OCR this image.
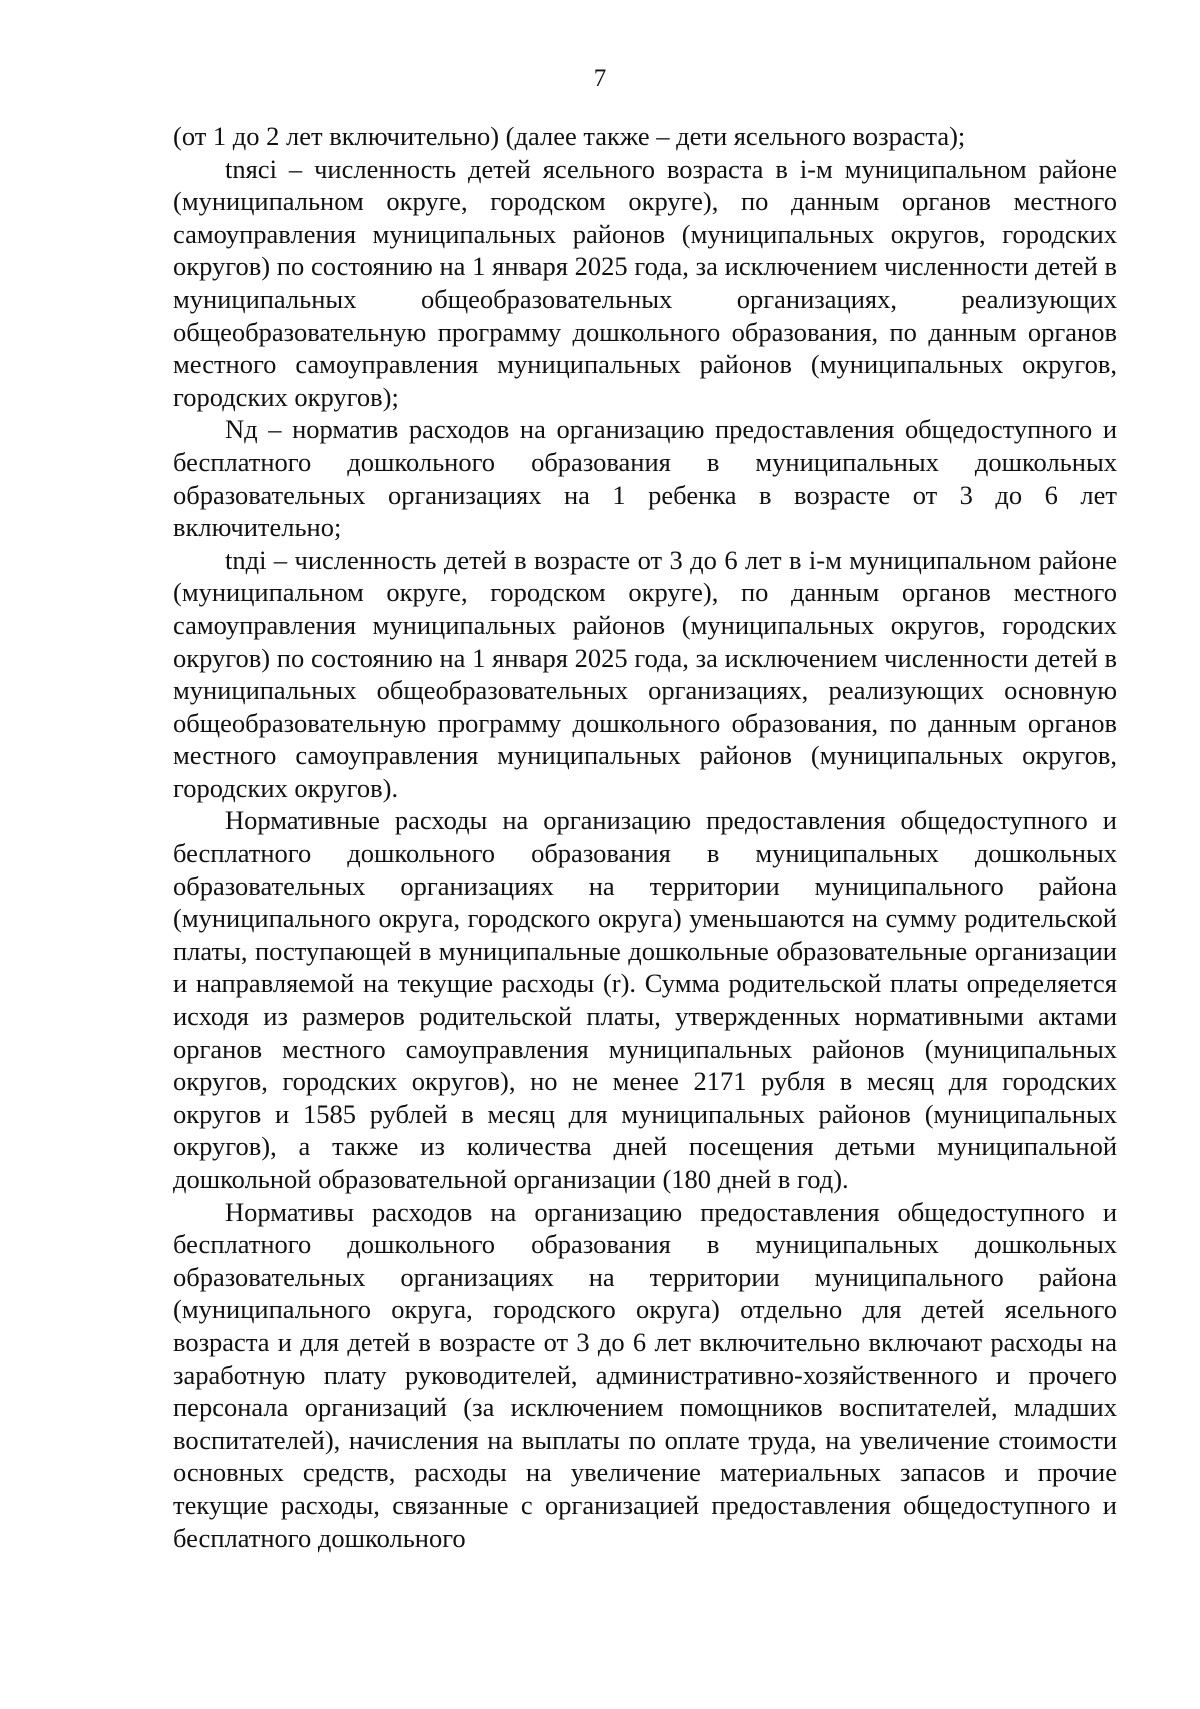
7

(от 1 до 2 лет включительно) (далее также – дети ясельного возраста);

tnясi – численность детей ясельного возраста в i-м муниципальном районе (муниципальном округе, городском округе), по данным органов местного самоуправления муниципальных районов (муниципальных округов, городских округов) по состоянию на 1 января 2025 года, за исключением численности детей в муниципальных общеобразовательных организациях, реализующих общеобразовательную программу дошкольного образования, по данным органов местного самоуправления муниципальных районов (муниципальных округов, городских округов);

Nд – норматив расходов на организацию предоставления общедоступного и бесплатного дошкольного образования в муниципальных дошкольных образовательных организациях на 1 ребенка в возрасте от 3 до 6 лет включительно;

tnдi – численность детей в возрасте от 3 до 6 лет в i-м муниципальном районе (муниципальном округе, городском округе), по данным органов местного самоуправления муниципальных районов (муниципальных округов, городских округов) по состоянию на 1 января 2025 года, за исключением численности детей в муниципальных общеобразовательных организациях, реализующих основную общеобразовательную программу дошкольного образования, по данным органов местного самоуправления муниципальных районов (муниципальных округов, городских округов).

Нормативные расходы на организацию предоставления общедоступного и бесплатного дошкольного образования в муниципальных дошкольных образовательных организациях на территории муниципального района (муниципального округа, городского округа) уменьшаются на сумму родительской платы, поступающей в муниципальные дошкольные образовательные организации и направляемой на текущие расходы (r). Сумма родительской платы определяется исходя из размеров родительской платы, утвержденных нормативными актами органов местного самоуправления муниципальных районов (муниципальных округов, городских округов), но не менее 2171 рубля в месяц для городских округов и 1585 рублей в месяц для муниципальных районов (муниципальных округов), а также из количества дней посещения детьми муниципальной дошкольной образовательной организации (180 дней в год).

Нормативы расходов на организацию предоставления общедоступного и бесплатного дошкольного образования в муниципальных дошкольных образовательных организациях на территории муниципального района (муниципального округа, городского округа) отдельно для детей ясельного возраста и для детей в возрасте от 3 до 6 лет включительно включают расходы на заработную плату руководителей, административно-хозяйственного и прочего персонала организаций (за исключением помощников воспитателей, младших воспитателей), начисления на выплаты по оплате труда, на увеличение стоимости основных средств, расходы на увеличение материальных запасов и прочие текущие расходы, связанные с организацией предоставления общедоступного и бесплатного дошкольного
